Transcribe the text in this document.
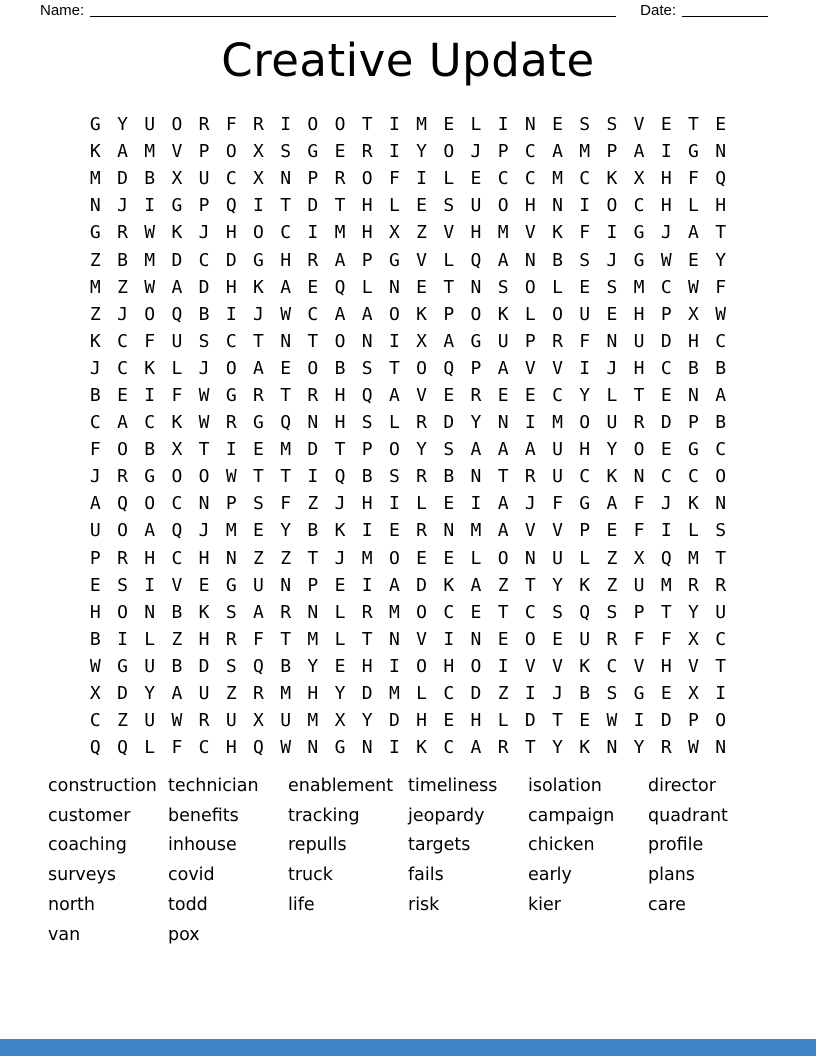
Name:	Date:
Creative Update
G Y U O R F R I O O T I M E L I N E S S V E T E
K A M V P O X S G E R I Y O J P C A M P A I G N
M D B X U C X N P R O F I L E C C M C K X H F Q
N J I G P Q I T D T H L E S U O H N I O C H L H
G R W K J H O C I M H X Z V H M V K F I G J A T
Z B M D C D G H R A P G V L Q A N B S J G W E Y
M Z W A D H K A E Q L N E T N S O L E S M C W F
Z J O Q B I J W C A A O K P O K L O U E H P X W
K C F U S C T N T O N I X A G U P R F N U D H C
J C K L J O A E O B S T O Q P A V V I J H C B B
B E I F W G R T R H Q A V E R E E C Y L T E N A
C A C K W R G Q N H S L R D Y N I M O U R D P B
F O B X T I E M D T P O Y S A A A U H Y O E G C
J R G O O W T T I Q B S R B N T R U C K N C C O
A Q O C N P S F Z J H I L E I A J F G A F J K N
U O A Q J M E Y B K I E R N M A V V P E F I L S
P R H C H N Z Z T J M O E E L O N U L Z X Q M T
E S I V E G U N P E I A D K A Z T Y K Z U M R R
H O N B K S A R N L R M O C E T C S Q S P T Y U
B I L Z H R F T M L T N V I N E O E U R F F X C
W G U B D S Q B Y E H I O H O I V V K C V H V T
X D Y A U Z R M H Y D M L C D Z I J B S G E X I
C Z U W R U X U M X Y D H E H L D T E W I D P O
Q Q L F C H Q W N G N I K C A R T Y K N Y R W N
construction
customer
coaching
surveys
north
van
technician
benefits
inhouse
covid
todd
pox
enablement
tracking
repulls
truck
life
timeliness
jeopardy
targets
fails
risk
isolation
campaign
chicken
early
kier
director
quadrant
profile
plans
care
